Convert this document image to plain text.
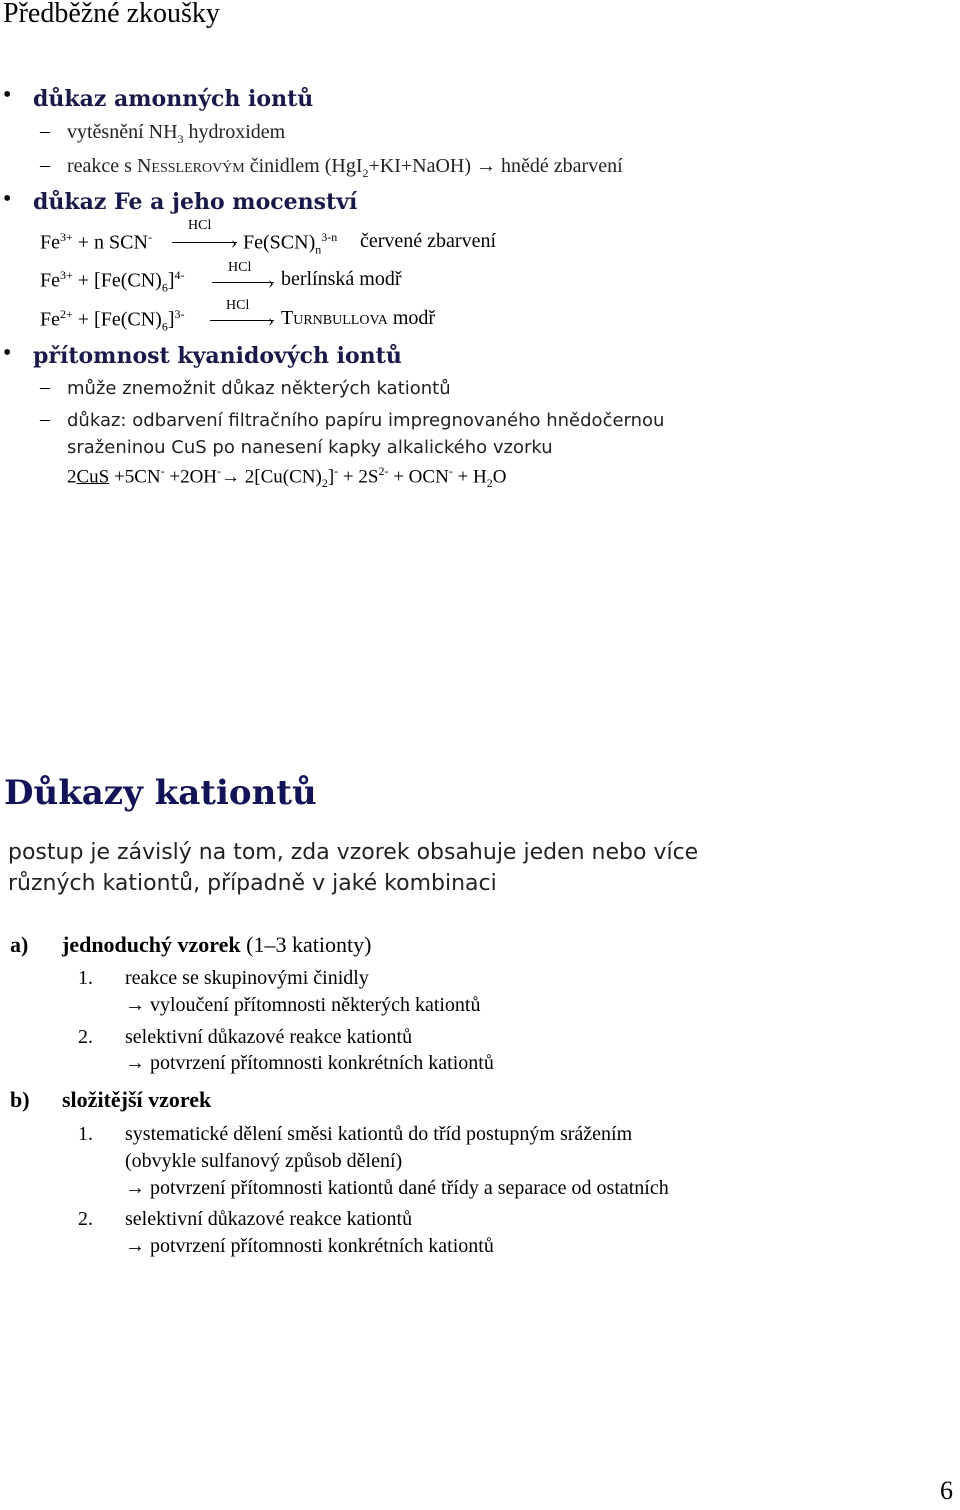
Předběžné zkoušky
• důkaz amonných iontů
– vytěsnění $NH_3$ hydroxidem
– reakce s Nesslerovým činidlem (HgI$_2$+KI+NaOH) → hnědé zbarvení
• důkaz Fe a jeho mocenství
$Fe^{3+} + n$ SCN-
HCl
› $Fe(SCN)_n^{3-n}$ červené zbarvení
$Fe^{3+} + [Fe(CN)_6]^{4-}$	HCl
› berlínská modř
$Fe^{2+} + [Fe(CN)_6]^{3-}$
HCl
› Turnbullova modř
• přítomnost kyanidových iontů
– může znemožnit důkaz některých kationtů
– důkaz: odbarvení filtračního papíru impregnovaného hnědočernou
sraženinou CuS po nanesení kapky alkalického vzorku
$2CuS +5CN^- +2OH^-\to 2[Cu(CN)_2]^- + 2S^{2-} + OCN^- + H_2O$
Důkazy kationtů
postup je závislý na tom, zda vzorek obsahuje jeden nebo více
různých kationtů, případně v jaké kombinaci
a) jednoduchý vzorek (1–3 kationty)
1. reakce se skupinovými činidly
→ vyloučení přítomnosti některých kationtů
2. selektivní důkazové reakce kationtů
→ potvrzení přítomnosti konkrétních kationtů
b) složitější vzorek
1. systematické dělení směsi kationtů do tříd postupným srážením
(obvykle sulfanový způsob dělení)
→ potvrzení přítomnosti kationtů dané třídy a separace od ostatních
2. selektivní důkazové reakce kationtů
→ potvrzení přítomnosti konkrétních kationtů
6
